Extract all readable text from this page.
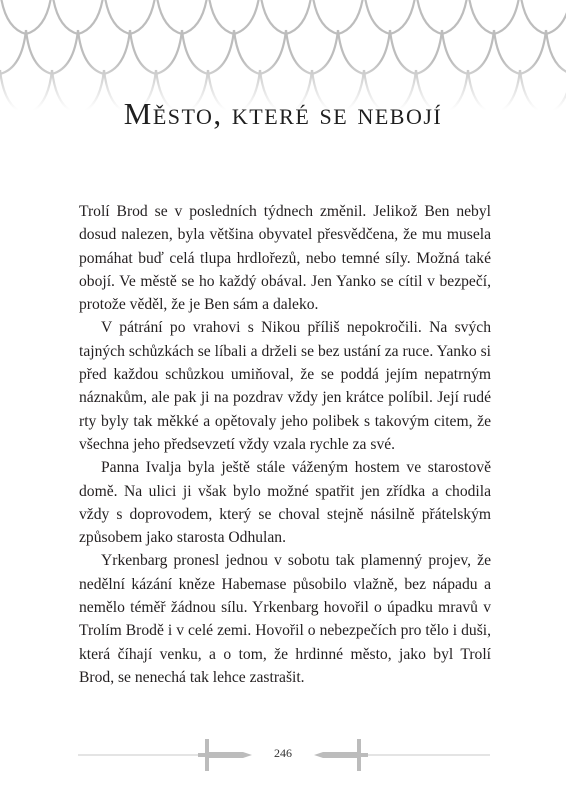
Město, které se nebojí

Trolí Brod se v posledních týdnech změnil. Jelikož Ben nebyl dosud nalezen, byla většina obyvatel přesvědčena, že mu musela pomáhat buď celá tlupa hrdlořezů, nebo temné síly. Možná také obojí. Ve městě se ho každý obával. Jen Yanko se cítil v bezpečí, protože věděl, že je Ben sám a daleko.

V pátrání po vrahovi s Nikou příliš nepokročili. Na svých tajných schůzkách se líbali a drželi se bez ustání za ruce. Yanko si před každou schůzkou umiňoval, že se poddá jejím nepatrným náznakům, ale pak ji na pozdrav vždy jen krátce políbil. Její rudé rty byly tak měkké a opětovaly jeho polibek s takovým citem, že všechna jeho předsevzetí vždy vzala rychle za své.

Panna Ivalja byla ještě stále váženým hostem ve starostově domě. Na ulici ji však bylo možné spatřit jen zřídka a chodila vždy s doprovodem, který se choval stejně násilně přátelským způsobem jako starosta Odhulan.

Yrkenbarg pronesl jednou v sobotu tak plamenný projev, že nedělní kázání kněze Habemase působilo vlažně, bez nápadu a nemělo téměř žádnou sílu. Yrkenbarg hovořil o úpadku mravů v Trolím Brodě i v celé zemi. Hovořil o nebezpečích pro tělo i duši, která číhají venku, a o tom, že hrdinné město, jako byl Trolí Brod, se nenechá tak lehce zastrašit.

246
